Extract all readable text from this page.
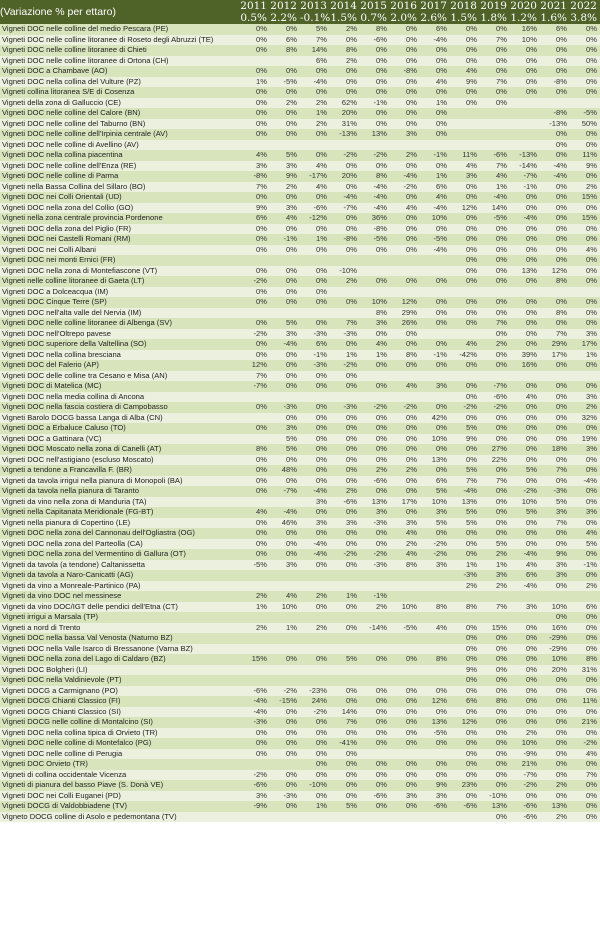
(Variazione % per ettaro)	2011	2012	2013	2014	2015	2016	2017	2018	2019	2020	2021	2022
	0.5%	2.2%	-0.1%	1.5%	0.7%	2.0%	2.6%	1.5%	1.8%	1.2%	1.6%	3.8%
Vigneti DOC nelle colline del medio Pescara (PE)	0%	0%	5%	2%	8%	0%	6%	0%	0%	16%	6%	0%
Vigneti DOC nelle colline litoranee di Roseto degli Abruzzi (TE)	0%	6%	7%	0%	-6%	0%	-4%	0%	7%	10%	0%	0%
Vigneti DOC nelle colline litoranee di Chieti	0%	8%	14%	8%	0%	0%	0%	0%	0%	0%	0%	0%
Vigneti DOC nelle colline litoranee di Ortona (CH)			6%	2%	0%	0%	0%	0%	0%	0%	0%	0%
Vigneti DOC a Chambave (AO)	0%	0%	0%	0%	0%	-8%	0%	4%	0%	0%	0%	0%
Vigneti DOC nella collina del Vulture (PZ)	1%	-5%	-4%	0%	0%	0%	4%	9%	7%	0%	-8%	0%
Vigneti collina litoranea S/E di Cosenza	0%	0%	0%	0%	0%	0%	0%	0%	0%	0%	0%	0%
Vigneti della zona di Galluccio (CE)	0%	2%	2%	62%	-1%	0%	1%	0%	0%			
Vigneti DOC nelle colline del Calore (BN)	0%	0%	1%	20%	0%	0%	0%				-8%	-5%
Vigneti DOC nelle colline del Taburno (BN)	0%	0%	2%	31%	0%	0%	0%				-13%	50%
Vigneti DOC nelle colline dell'Irpinia centrale (AV)	0%	0%	0%	-13%	13%	3%	0%				0%	0%
Vigneti DOC nelle colline di Avellino (AV)											0%	0%
Vigneti DOC nella collina piacentina	4%	5%	0%	-2%	-2%	2%	-1%	11%	-6%	-13%	0%	11%
Vigneti DOC nelle colline dell'Enza (RE)	3%	3%	4%	0%	0%	0%	0%	4%	7%	-14%	-4%	9%
Vigneti DOC nelle colline di Parma	-8%	9%	-17%	20%	8%	-4%	1%	3%	4%	-7%	-4%	0%
Vigneti nella Bassa Collina del Sillaro (BO)	7%	2%	4%	0%	-4%	-2%	6%	0%	1%	-1%	0%	2%
Vigneti DOC nei Colli Orientali (UD)	0%	0%	0%	-4%	-4%	0%	4%	0%	-4%	0%	0%	15%
Vigneti DOC nella zona del Collio (GO)	9%	3%	-6%	-7%	-4%	4%	-4%	12%	14%	0%	0%	0%
Vigneti nella zona centrale provincia Pordenone	6%	4%	-12%	0%	36%	0%	10%	0%	-5%	-4%	0%	15%
Vigneti DOC della zona del Piglio (FR)	0%	0%	0%	0%	-8%	0%	0%	0%	0%	0%	0%	0%
Vigneti DOC nei Castelli Romani (RM)	0%	-1%	1%	-8%	-5%	0%	-5%	0%	0%	0%	0%	0%
Vigneti DOC nei Colli Albani	0%	0%	0%	0%	0%	0%	-4%	0%	0%	0%	0%	4%
Vigneti DOC nei monti Ernici (FR)								0%	0%	0%	0%	0%
Vigneti DOC nella zona di Montefiascone (VT)	0%	0%	0%	-10%				0%	0%	13%	12%	0%
Vigneti nelle colline litoranee di Gaeta (LT)	-2%	0%	0%	2%	0%	0%	0%	0%	0%	0%	8%	0%
Vigneti DOC a Dolceacqua (IM)	0%	0%	0%									
Vigneti DOC Cinque Terre (SP)	0%	0%	0%	0%	10%	12%	0%	0%	0%	0%	0%	0%
Vigneti DOC nell'alta valle del Nervia (IM)					8%	29%	0%	0%	0%	0%	8%	0%
Vigneti DOC nelle colline litoranee di Albenga (SV)	0%	5%	0%	7%	3%	26%	0%	0%	7%	0%	0%	0%
Vigneti DOC nell'Oltrepo pavese	-2%	3%	-3%	-3%	0%	0%			0%	0%	7%	3%
Vigneti DOC superiore della Valtellina (SO)	0%	-4%	6%	0%	4%	0%	0%	4%	2%	0%	29%	17%
Vigneti DOC nella collina bresciana	0%	0%	-1%	1%	1%	8%	-1%	-42%	0%	39%	17%	1%
Vigneti DOC del Falerio (AP)	12%	0%	-3%	-2%	0%	0%	0%	0%	0%	16%	0%	0%
Vigneti DOC delle colline tra Cesano e Misa (AN)	7%	0%	0%	0%								
Vigneti DOC di Matelica (MC)	-7%	0%	0%	0%	0%	4%	3%	0%	-7%	0%	0%	0%
Vigneti DOC nella media collina di Ancona								0%	-6%	4%	0%	3%
Vigneti DOC nella fascia costiera di Campobasso	0%	-3%	0%	-3%	-2%	-2%	0%	-2%	-2%	0%	0%	2%
Vigneti Barolo DOCG bassa Langa di Alba (CN)		0%	0%	0%	0%	0%	42%	0%	0%	0%	0%	32%
Vigneti DOC a Erbaluce Caluso (TO)	0%	3%	0%	0%	0%	0%	0%	5%	0%	0%	0%	0%
Vigneti DOC a Gattinara (VC)		5%	0%	0%	0%	0%	10%	9%	0%	0%	0%	19%
Vigneti DOC Moscato nella zona di Canelli (AT)	8%	5%	0%	0%	0%	0%	0%	0%	27%	0%	18%	3%
Vigneti DOC nell'astigiano (escluso Moscato)	0%	0%	0%	0%	0%	0%	13%	0%	22%	0%	0%	0%
Vigneti a tendone a Francavilla F. (BR)	0%	48%	0%	0%	2%	2%	0%	5%	0%	5%	7%	0%
Vigneti da tavola irrigui nella pianura di Monopoli (BA)	0%	0%	0%	0%	-6%	0%	6%	7%	7%	0%	0%	-4%
Vigneti da tavola nella pianura di Taranto	0%	-7%	-4%	2%	0%	0%	5%	-4%	0%	-2%	-3%	0%
Vigneti da vino nella zona di Manduria (TA)			3%	-6%	13%	17%	10%	13%	0%	10%	5%	0%
Vigneti nella Capitanata Meridionale (FG-BT)	4%	-4%	0%	0%	3%	0%	3%	5%	0%	5%	3%	3%
Vigneti nella pianura di Copertino (LE)	0%	46%	3%	3%	-3%	3%	5%	5%	0%	0%	7%	0%
Vigneti DOC nella zona del Cannonau dell'Ogliastra (OG)	0%	0%	0%	0%	0%	4%	0%	0%	0%	0%	0%	4%
Vigneti DOC nella zona del Parteolla (CA)	0%	0%	-4%	0%	0%	2%	-2%	0%	5%	0%	0%	5%
Vigneti DOC nella zona del Vermentino di Gallura (OT)	0%	0%	-4%	-2%	-2%	4%	-2%	0%	2%	-4%	9%	0%
Vigneti da tavola (a tendone) Caltanissetta	-5%	3%	0%	0%	-3%	8%	3%	1%	1%	4%	3%	-1%
Vigneti da tavola a Naro-Canicatti (AG)								-3%	3%	6%	3%	0%
Vigneti da vino a Monreale-Partinico (PA)								2%	2%	-4%	0%	2%
Vigneti da vino DOC nel messinese	2%	4%	2%	1%	-1%							
Vigneti da vino DOC/IGT delle pendici dell'Etna (CT)	1%	10%	0%	0%	2%	10%	8%	8%	7%	3%	10%	6%
Vigneti irrigui a Marsala (TP)											0%	0%
Vigneti a nord di Trento	2%	1%	2%	0%	-14%	-5%	4%	0%	15%	0%	16%	0%
Vigneti DOC nella bassa Val Venosta (Naturno BZ)								0%	0%	0%	-29%	0%
Vigneti DOC nella Valle Isarco di Bressanone (Varna BZ)								0%	0%	0%	-29%	0%
Vigneti DOC nella zona del Lago di Caldaro (BZ)	15%	0%	0%	5%	0%	0%	8%	0%	0%	0%	10%	8%
Vigneti DOC Bolgheri (LI)								9%	0%	0%	20%	31%
Vigneti DOC nella Valdinievole (PT)								0%	0%	0%	0%	0%
Vigneti DOCG a Carmignano (PO)	-6%	-2%	-23%	0%	0%	0%	0%	0%	0%	0%	0%	0%
Vigneti DOCG Chianti Classico (FI)	-4%	-15%	24%	0%	0%	0%	12%	6%	8%	0%	0%	11%
Vigneti DOCG Chianti Classico (SI)	-4%	0%	-2%	14%	0%	0%	0%	0%	0%	0%	0%	0%
Vigneti DOCG nelle colline di Montalcino (SI)	-3%	0%	0%	7%	0%	0%	13%	12%	0%	0%	0%	21%
Vigneti DOC nella collina tipica di Orvieto (TR)	0%	0%	0%	0%	0%	0%	-5%	0%	0%	2%	0%	0%
Vigneti DOC nelle colline di Montefalco (PG)	0%	0%	0%	-41%	0%	0%	0%	0%	0%	10%	0%	-2%
Vigneti DOC nelle colline di Perugia	0%	0%	0%	0%				0%	0%	-9%	0%	4%
Vigneti DOC Orvieto (TR)			0%	0%	0%	0%	0%	0%	0%	21%	0%	0%
Vigneti di collina occidentale Vicenza	-2%	0%	0%	0%	0%	0%	0%	0%	0%	-7%	0%	7%
Vigneti di pianura del basso Piave (S. Donà VE)	-6%	0%	-10%	0%	0%	0%	9%	23%	0%	-2%	2%	0%
Vigneti DOC nei Colli Euganei (PD)	3%	-3%	0%	0%	-6%	3%	3%	0%	-10%	0%	0%	0%
Vigneti DOCG di Valdobbiadene (TV)	-9%	0%	1%	5%	0%	0%	-6%	-6%	13%	-6%	13%	0%
Vigneto DOCG colline di Asolo e pedemontana (TV)									0%	-6%	2%	0%
